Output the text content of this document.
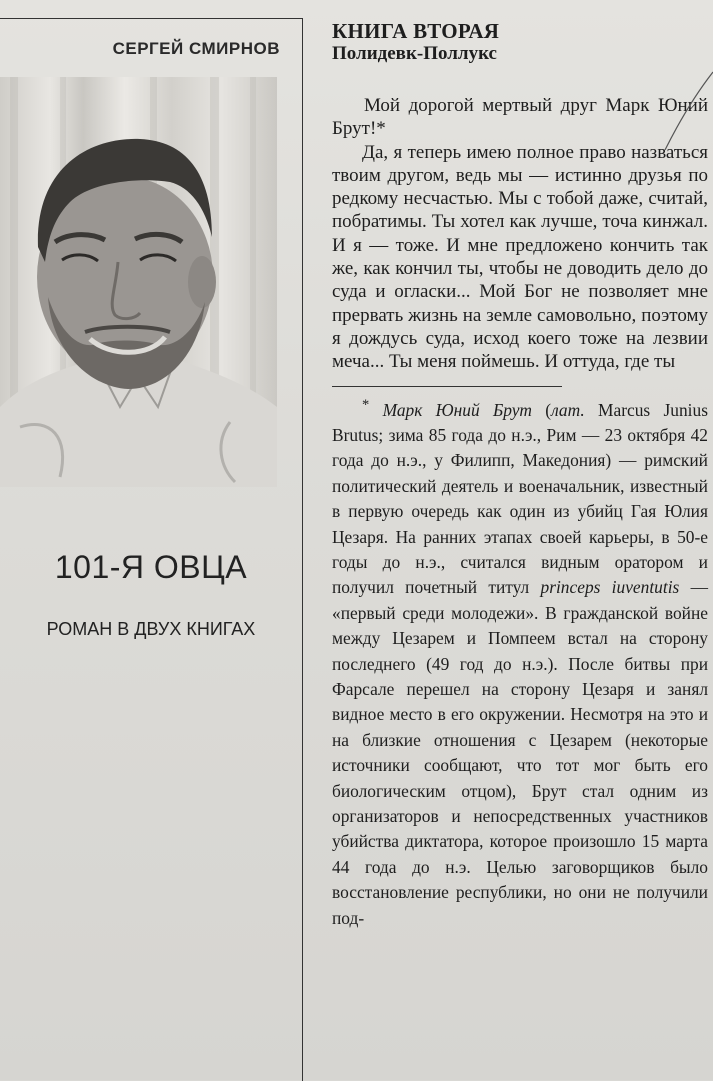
СЕРГЕЙ СМИРНОВ
101-Я ОВЦА
РОМАН В ДВУХ КНИГАХ
КНИГА ВТОРАЯ
Полидевк-Поллукс

Мой дорогой мертвый друг Марк Юний Брут!*

Да, я теперь имею полное право назваться твоим другом, ведь мы — истинно друзья по редкому несчастью. Мы с тобой даже, считай, побратимы. Ты хотел как лучше, точа кинжал. И я — тоже. И мне предложено кончить так же, как кончил ты, чтобы не доводить дело до суда и огласки... Мой Бог не позволяет мне прервать жизнь на земле самовольно, поэтому я дождусь суда, исход коего тоже на лезвии меча... Ты меня поймешь. И оттуда, где ты

* Марк Юний Брут (лат. Marcus Junius Brutus; зима 85 года до н.э., Рим — 23 октября 42 года до н.э., у Филипп, Македония) — римский политический деятель и военачальник, известный в первую очередь как один из убийц Гая Юлия Цезаря. На ранних этапах своей карьеры, в 50-е годы до н.э., считался видным оратором и получил почетный титул princeps iuventutis — «первый среди молодежи». В гражданской войне между Цезарем и Помпеем встал на сторону последнего (49 год до н.э.). После битвы при Фарсале перешел на сторону Цезаря и занял видное место в его окружении. Несмотря на это и на близкие отношения с Цезарем (некоторые источники сообщают, что тот мог быть его биологическим отцом), Брут стал одним из организаторов и непосредственных участников убийства диктатора, которое произошло 15 марта 44 года до н.э. Целью заговорщиков было восстановление республики, но они не получили под-
